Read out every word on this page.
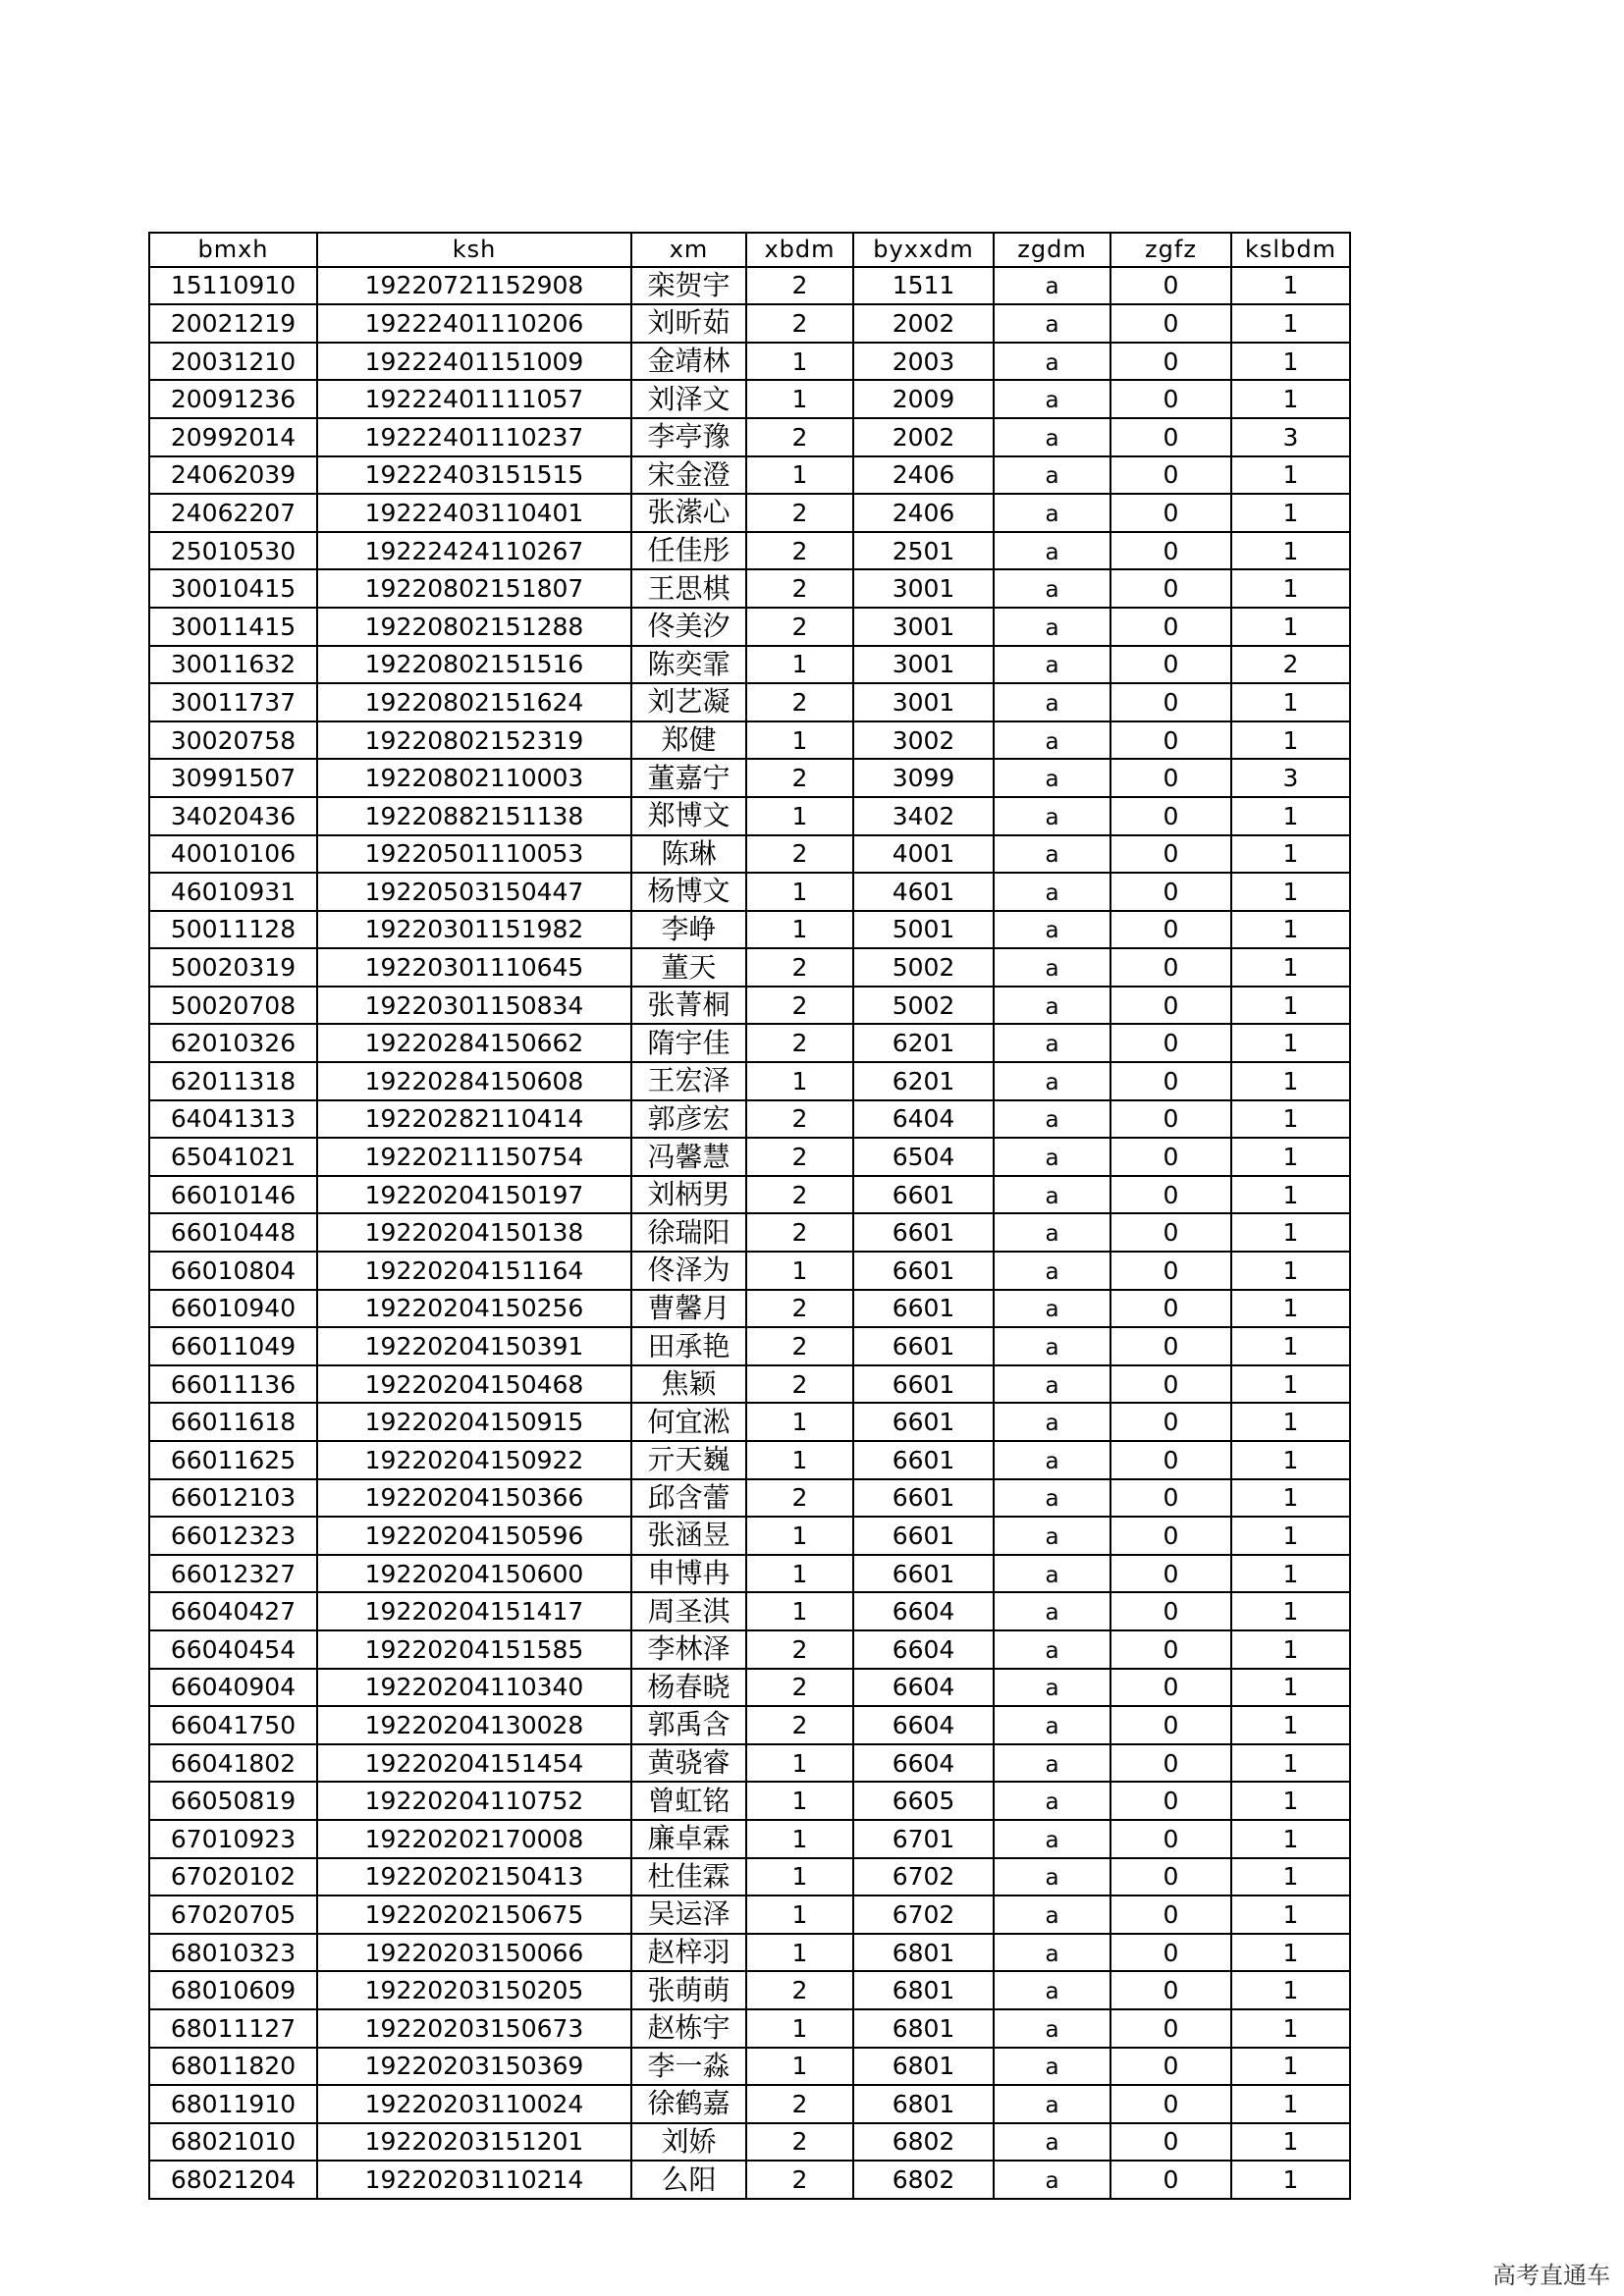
bmxh	ksh	xm	xbdm	byxxdm	zgdm	zgfz	kslbdm
15110910	19220721152908	栾贺宇	2	1511	a	0	1
20021219	19222401110206	刘昕茹	2	2002	a	0	1
20031210	19222401151009	金靖林	1	2003	a	0	1
20091236	19222401111057	刘泽文	1	2009	a	0	1
20992014	19222401110237	李亭豫	2	2002	a	0	3
24062039	19222403151515	宋金澄	1	2406	a	0	1
24062207	19222403110401	张潆心	2	2406	a	0	1
25010530	19222424110267	任佳彤	2	2501	a	0	1
30010415	19220802151807	王思棋	2	3001	a	0	1
30011415	19220802151288	佟美汐	2	3001	a	0	1
30011632	19220802151516	陈奕霏	1	3001	a	0	2
30011737	19220802151624	刘艺凝	2	3001	a	0	1
30020758	19220802152319	郑健	1	3002	a	0	1
30991507	19220802110003	董嘉宁	2	3099	a	0	3
34020436	19220882151138	郑博文	1	3402	a	0	1
40010106	19220501110053	陈琳	2	4001	a	0	1
46010931	19220503150447	杨博文	1	4601	a	0	1
50011128	19220301151982	李峥	1	5001	a	0	1
50020319	19220301110645	董天	2	5002	a	0	1
50020708	19220301150834	张菁桐	2	5002	a	0	1
62010326	19220284150662	隋宇佳	2	6201	a	0	1
62011318	19220284150608	王宏泽	1	6201	a	0	1
64041313	19220282110414	郭彦宏	2	6404	a	0	1
65041021	19220211150754	冯馨慧	2	6504	a	0	1
66010146	19220204150197	刘柄男	2	6601	a	0	1
66010448	19220204150138	徐瑞阳	2	6601	a	0	1
66010804	19220204151164	佟泽为	1	6601	a	0	1
66010940	19220204150256	曹馨月	2	6601	a	0	1
66011049	19220204150391	田承艳	2	6601	a	0	1
66011136	19220204150468	焦颖	2	6601	a	0	1
66011618	19220204150915	何宜淞	1	6601	a	0	1
66011625	19220204150922	亓天巍	1	6601	a	0	1
66012103	19220204150366	邱含蕾	2	6601	a	0	1
66012323	19220204150596	张涵昱	1	6601	a	0	1
66012327	19220204150600	申博冉	1	6601	a	0	1
66040427	19220204151417	周圣淇	1	6604	a	0	1
66040454	19220204151585	李林泽	2	6604	a	0	1
66040904	19220204110340	杨春晓	2	6604	a	0	1
66041750	19220204130028	郭禹含	2	6604	a	0	1
66041802	19220204151454	黄骁睿	1	6604	a	0	1
66050819	19220204110752	曾虹铭	1	6605	a	0	1
67010923	19220202170008	廉卓霖	1	6701	a	0	1
67020102	19220202150413	杜佳霖	1	6702	a	0	1
67020705	19220202150675	吴运泽	1	6702	a	0	1
68010323	19220203150066	赵梓羽	1	6801	a	0	1
68010609	19220203150205	张萌萌	2	6801	a	0	1
68011127	19220203150673	赵栋宇	1	6801	a	0	1
68011820	19220203150369	李一淼	1	6801	a	0	1
68011910	19220203110024	徐鹤嘉	2	6801	a	0	1
68021010	19220203151201	刘娇	2	6802	a	0	1
68021204	19220203110214	么阳	2	6802	a	0	1
高考直通车
